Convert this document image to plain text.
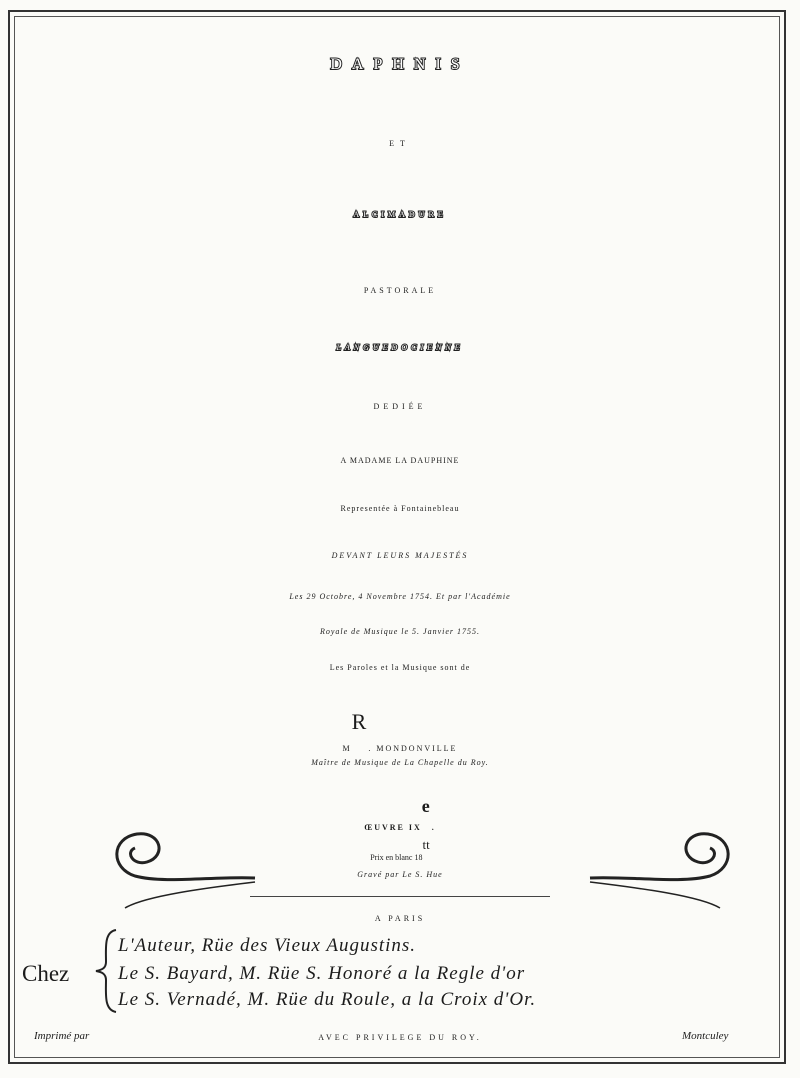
DAPHNIS

ET

ALCIMADURE

PASTORALE

LANGUEDOCIENNE

DEDIÉE

A MADAME LA DAUPHINE

Representée à Fontainebleau

DEVANT LEURS MAJESTÉS

Les 29 Octobre, 4 Novembre 1754. Et par l'Académie

Royale de Musique le 5. Janvier 1755.

Les Paroles et la Musique sont de

$M^R$. MONDONVILLE

Maître de Musique de La Chapelle du Roy.

ŒUVRE IXe.

Prix en blanc $18^{tt}$

Gravé par Le S. Hue

A PARIS

Chez

L'Auteur, Rüe des Vieux Augustins.

Le S. Bayard, M. Rüe S. Honoré a la Regle d'or

Le S. Vernadé, M. Rüe du Roule, a la Croix d'Or.

Imprimé par	AVEC PRIVILEGE DU ROY.	Montculey
